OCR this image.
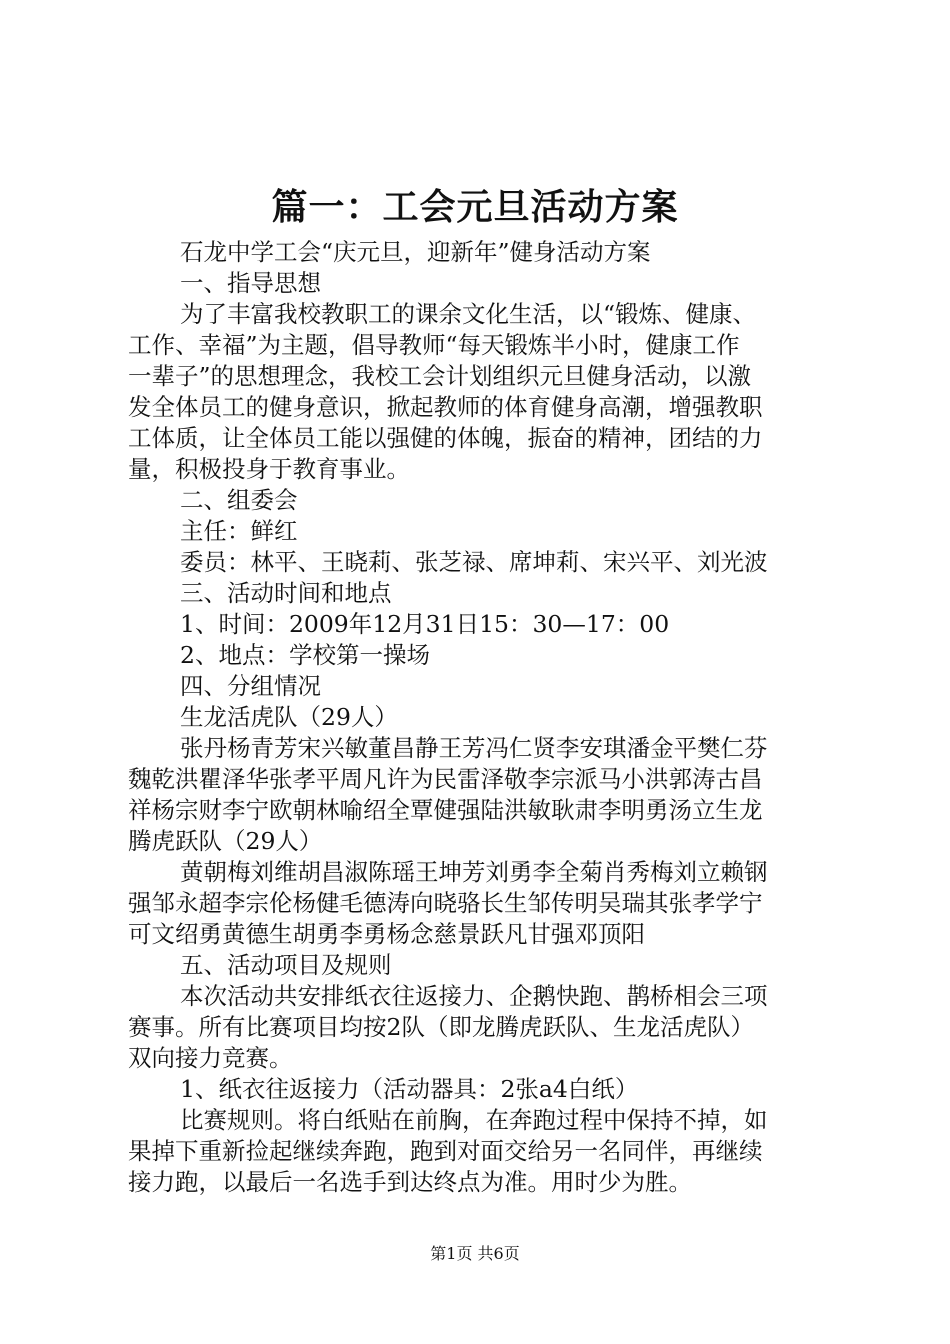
篇一：工会元旦活动方案
石龙中学工会“庆元旦，迎新年”健身活动方案
一、指导思想
为了丰富我校教职工的课余文化生活，以“锻炼、健康、
工作、幸福”为主题，倡导教师“每天锻炼半小时，健康工作
一辈子”的思想理念，我校工会计划组织元旦健身活动，以激
发全体员工的健身意识，掀起教师的体育健身高潮，增强教职
工体质，让全体员工能以强健的体魄，振奋的精神，团结的力
量，积极投身于教育事业。
二、组委会
主任：鲜红
委员：林平、王晓莉、张芝禄、席坤莉、宋兴平、刘光波
三、活动时间和地点
1、时间：2009年12月31日15：30—17：00
2、地点：学校第一操场
四、分组情况
生龙活虎队（29人）
张丹杨青芳宋兴敏董昌静王芳冯仁贤李安琪潘金平樊仁芬
魏乾洪瞿泽华张孝平周凡许为民雷泽敬李宗派马小洪郭涛古昌
祥杨宗财李宁欧朝林喻绍全覃健强陆洪敏耿肃李明勇汤立生龙
腾虎跃队（29人）
黄朝梅刘维胡昌淑陈瑶王坤芳刘勇李全菊肖秀梅刘立赖钢
强邹永超李宗伦杨健毛德涛向晓骆长生邹传明吴瑞其张孝学宁
可文绍勇黄德生胡勇李勇杨念慈景跃凡甘强邓顶阳
五、活动项目及规则
本次活动共安排纸衣往返接力、企鹅快跑、鹊桥相会三项
赛事。所有比赛项目均按2队（即龙腾虎跃队、生龙活虎队）
双向接力竞赛。
1、纸衣往返接力（活动器具：2张a4白纸）
比赛规则。将白纸贴在前胸，在奔跑过程中保持不掉，如
果掉下重新捡起继续奔跑，跑到对面交给另一名同伴，再继续
接力跑，以最后一名选手到达终点为准。用时少为胜。
第1页 共6页
